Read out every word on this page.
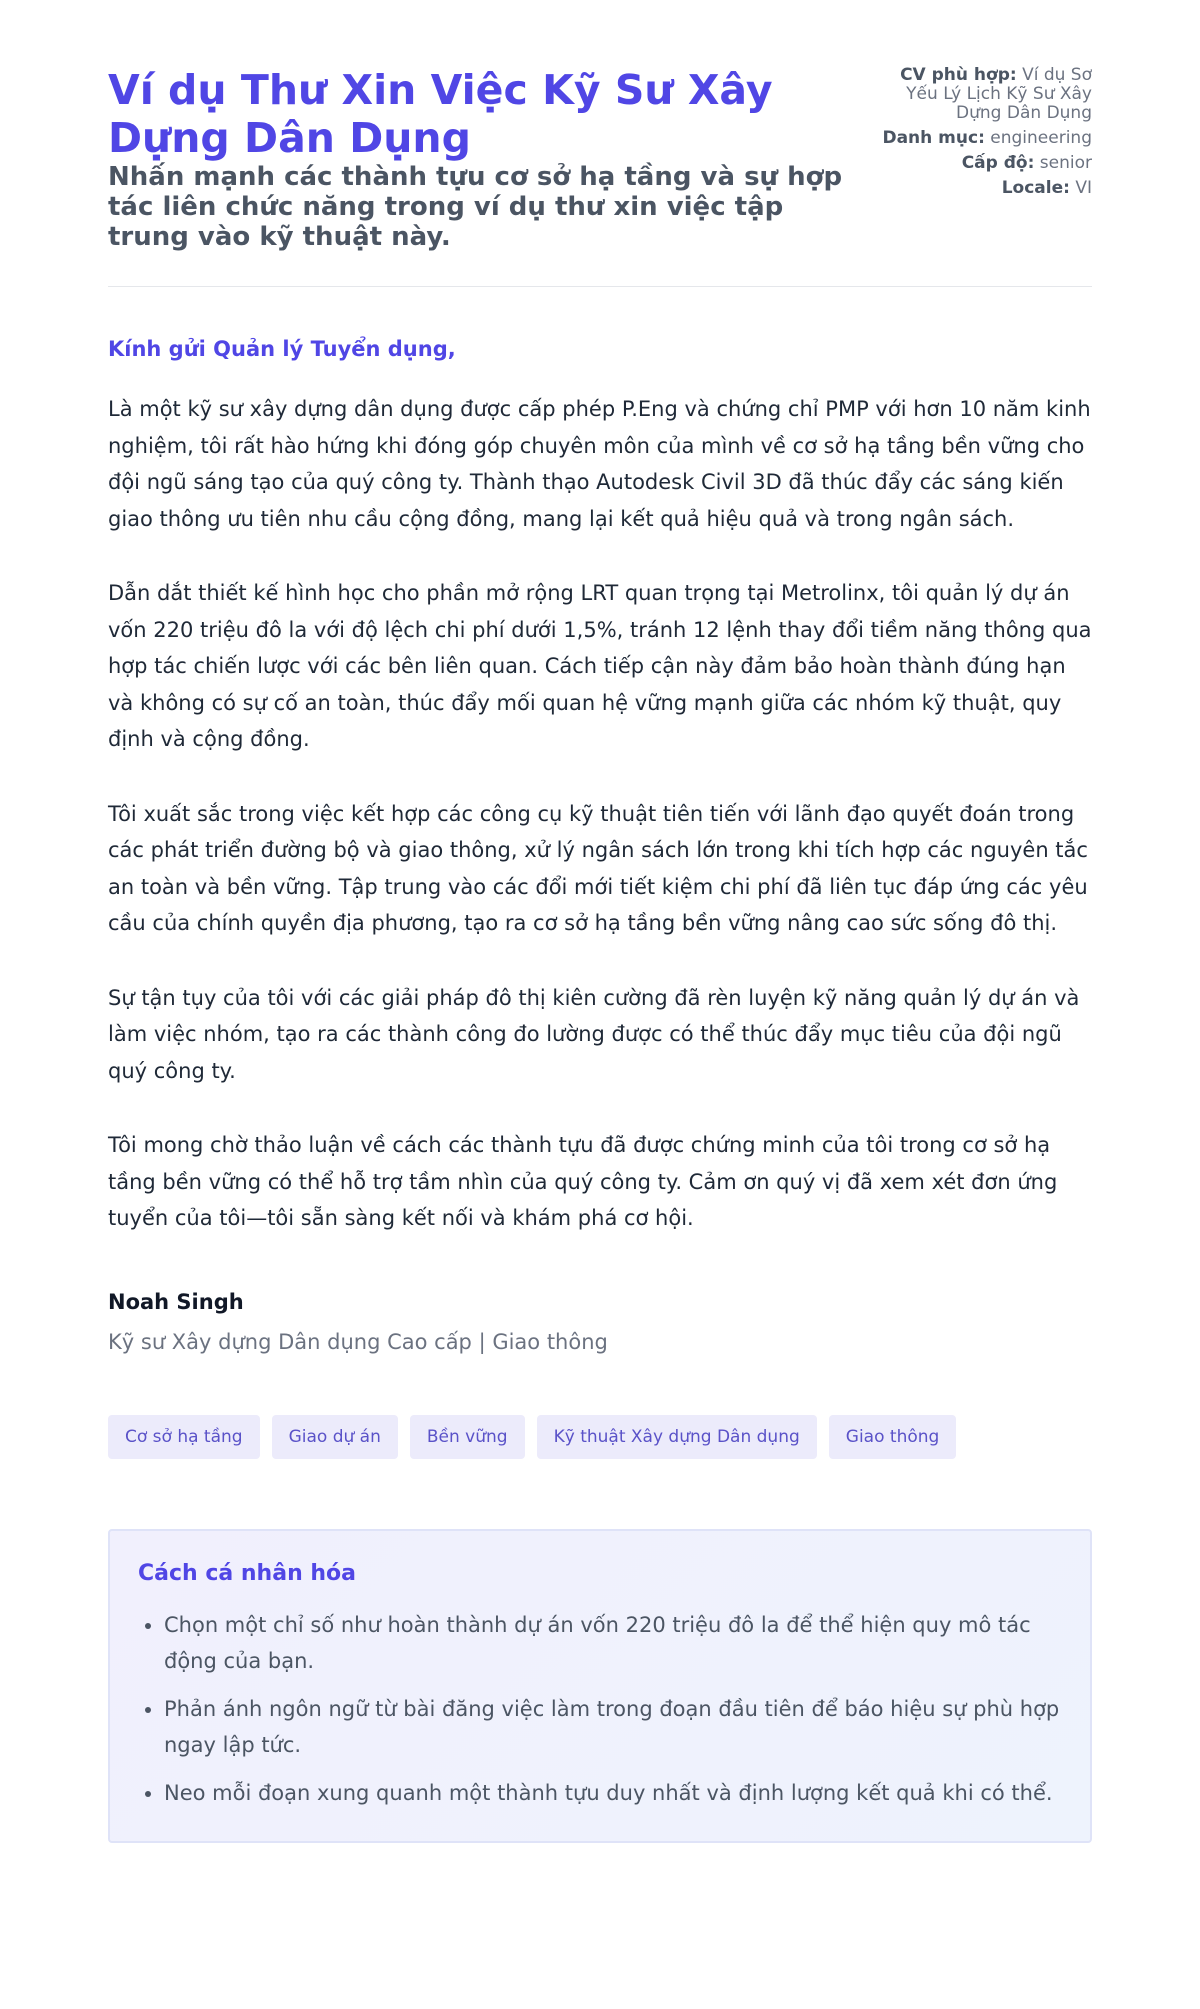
Ví dụ Thư Xin Việc Kỹ Sư Xây Dựng Dân Dụng
Nhấn mạnh các thành tựu cơ sở hạ tầng và sự hợp tác liên chức năng trong ví dụ thư xin việc tập trung vào kỹ thuật này.
CV phù hợp: Ví dụ Sơ Yếu Lý Lịch Kỹ Sư Xây Dựng Dân Dụng
Danh mục: engineering
Cấp độ: senior
Locale: VI

Kính gửi Quản lý Tuyển dụng,

Là một kỹ sư xây dựng dân dụng được cấp phép P.Eng và chứng chỉ PMP với hơn 10 năm kinh nghiệm, tôi rất hào hứng khi đóng góp chuyên môn của mình về cơ sở hạ tầng bền vững cho đội ngũ sáng tạo của quý công ty. Thành thạo Autodesk Civil 3D đã thúc đẩy các sáng kiến giao thông ưu tiên nhu cầu cộng đồng, mang lại kết quả hiệu quả và trong ngân sách.

Dẫn dắt thiết kế hình học cho phần mở rộng LRT quan trọng tại Metrolinx, tôi quản lý dự án vốn 220 triệu đô la với độ lệch chi phí dưới 1,5%, tránh 12 lệnh thay đổi tiềm năng thông qua hợp tác chiến lược với các bên liên quan. Cách tiếp cận này đảm bảo hoàn thành đúng hạn và không có sự cố an toàn, thúc đẩy mối quan hệ vững mạnh giữa các nhóm kỹ thuật, quy định và cộng đồng.

Tôi xuất sắc trong việc kết hợp các công cụ kỹ thuật tiên tiến với lãnh đạo quyết đoán trong các phát triển đường bộ và giao thông, xử lý ngân sách lớn trong khi tích hợp các nguyên tắc an toàn và bền vững. Tập trung vào các đổi mới tiết kiệm chi phí đã liên tục đáp ứng các yêu cầu của chính quyền địa phương, tạo ra cơ sở hạ tầng bền vững nâng cao sức sống đô thị.

Sự tận tụy của tôi với các giải pháp đô thị kiên cường đã rèn luyện kỹ năng quản lý dự án và làm việc nhóm, tạo ra các thành công đo lường được có thể thúc đẩy mục tiêu của đội ngũ quý công ty.

Tôi mong chờ thảo luận về cách các thành tựu đã được chứng minh của tôi trong cơ sở hạ tầng bền vững có thể hỗ trợ tầm nhìn của quý công ty. Cảm ơn quý vị đã xem xét đơn ứng tuyển của tôi—tôi sẵn sàng kết nối và khám phá cơ hội.

Noah Singh
Kỹ sư Xây dựng Dân dụng Cao cấp | Giao thông
Cơ sở hạ tầng	Giao dự án	Bền vững	Kỹ thuật Xây dựng Dân dụng	Giao thông
Cách cá nhân hóa
• Chọn một chỉ số như hoàn thành dự án vốn 220 triệu đô la để thể hiện quy mô tác động của bạn.
• Phản ánh ngôn ngữ từ bài đăng việc làm trong đoạn đầu tiên để báo hiệu sự phù hợp ngay lập tức.
• Neo mỗi đoạn xung quanh một thành tựu duy nhất và định lượng kết quả khi có thể.
